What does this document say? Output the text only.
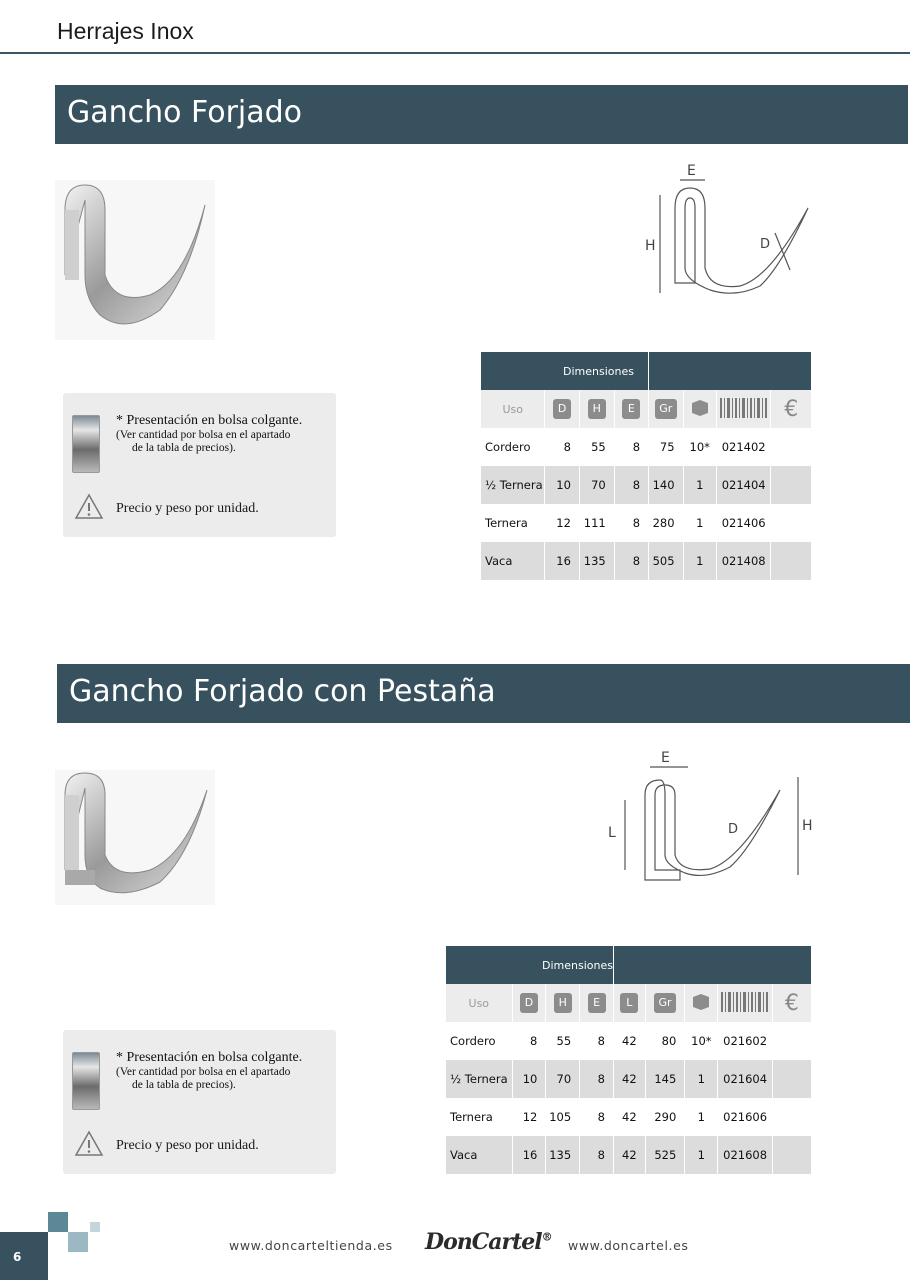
Herrajes Inox
Gancho Forjado
E
H	D
* Presentación en bolsa colgante.
(Ver cantidad por bolsa en el apartado
de la tabla de precios).
Precio y peso por unidad.
Dimensiones							
Uso	D	H	E	Gr			€
Cordero	8	55	8	75	10*	021402	
½ Ternera	10	70	8	140	1	021404	
Ternera	12	111	8	280	1	021406	
Vaca	16	135	8	505	1	021408	
Gancho Forjado con Pestaña
E
L	H
D
* Presentación en bolsa colgante.
(Ver cantidad por bolsa en el apartado
de la tabla de precios).
Precio y peso por unidad.
Dimensiones								
Uso	D	H	E	L	Gr			€
Cordero	8	55	8	42	80	10*	021602	
½ Ternera	10	70	8	42	145	1	021604	
Ternera	12	105	8	42	290	1	021606	
Vaca	16	135	8	42	525	1	021608	
6
www.doncarteltienda.es DonCartel®
www.doncartel.es
